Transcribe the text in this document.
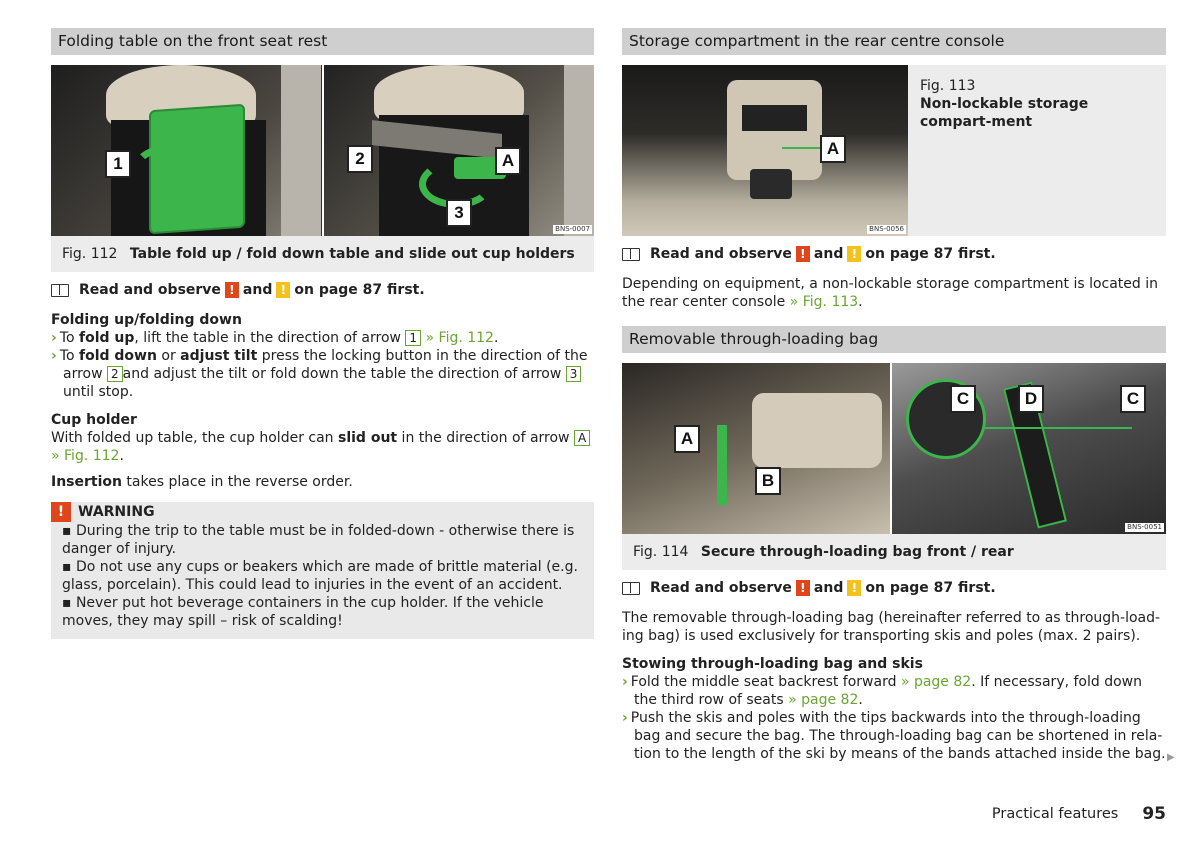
Folding table on the front seat rest
1	2	A
3
BNS-0007
Fig. 112 Table fold up / fold down table and slide out cup holders
Read and observe ! and ! on page 87 first.

Folding up/folding down

› To fold up, lift the table in the direction of arrow 1 » Fig. 112.

› To fold down or adjust tilt press the locking button in the direction of the arrow 2 and adjust the tilt or fold down the table the direction of arrow 3 until stop.

Cup holder

With folded up table, the cup holder can slid out in the direction of arrow A
» Fig. 112.

Insertion takes place in the reverse order.

! WARNING

▪ During the trip to the table must be in folded-down - otherwise there is danger of injury.

▪ Do not use any cups or beakers which are made of brittle material (e.g. glass, porcelain). This could lead to injuries in the event of an accident.

▪ Never put hot beverage containers in the cup holder. If the vehicle moves, they may spill – risk of scalding!

Storage compartment in the rear centre console
A
BNS-0056

Fig. 113

Non-lockable storage compart-ment

Read and observe ! and ! on page 87 first.

Depending on equipment, a non-lockable storage compartment is located in the rear center console » Fig. 113.

Removable through-loading bag
A
B
C	D	C
BNS-0051
Fig. 114 Secure through-loading bag front / rear
Read and observe ! and ! on page 87 first.

The removable through-loading bag (hereinafter referred to as through-load-ing bag) is used exclusively for transporting skis and poles (max. 2 pairs).

Stowing through-loading bag and skis

› Fold the middle seat backrest forward » page 82. If necessary, fold down the third row of seats » page 82.

› Push the skis and poles with the tips backwards into the through-loading bag and secure the bag. The through-loading bag can be shortened in rela-tion to the length of the ski by means of the bands attached inside the bag. ▶
Practical features 95
